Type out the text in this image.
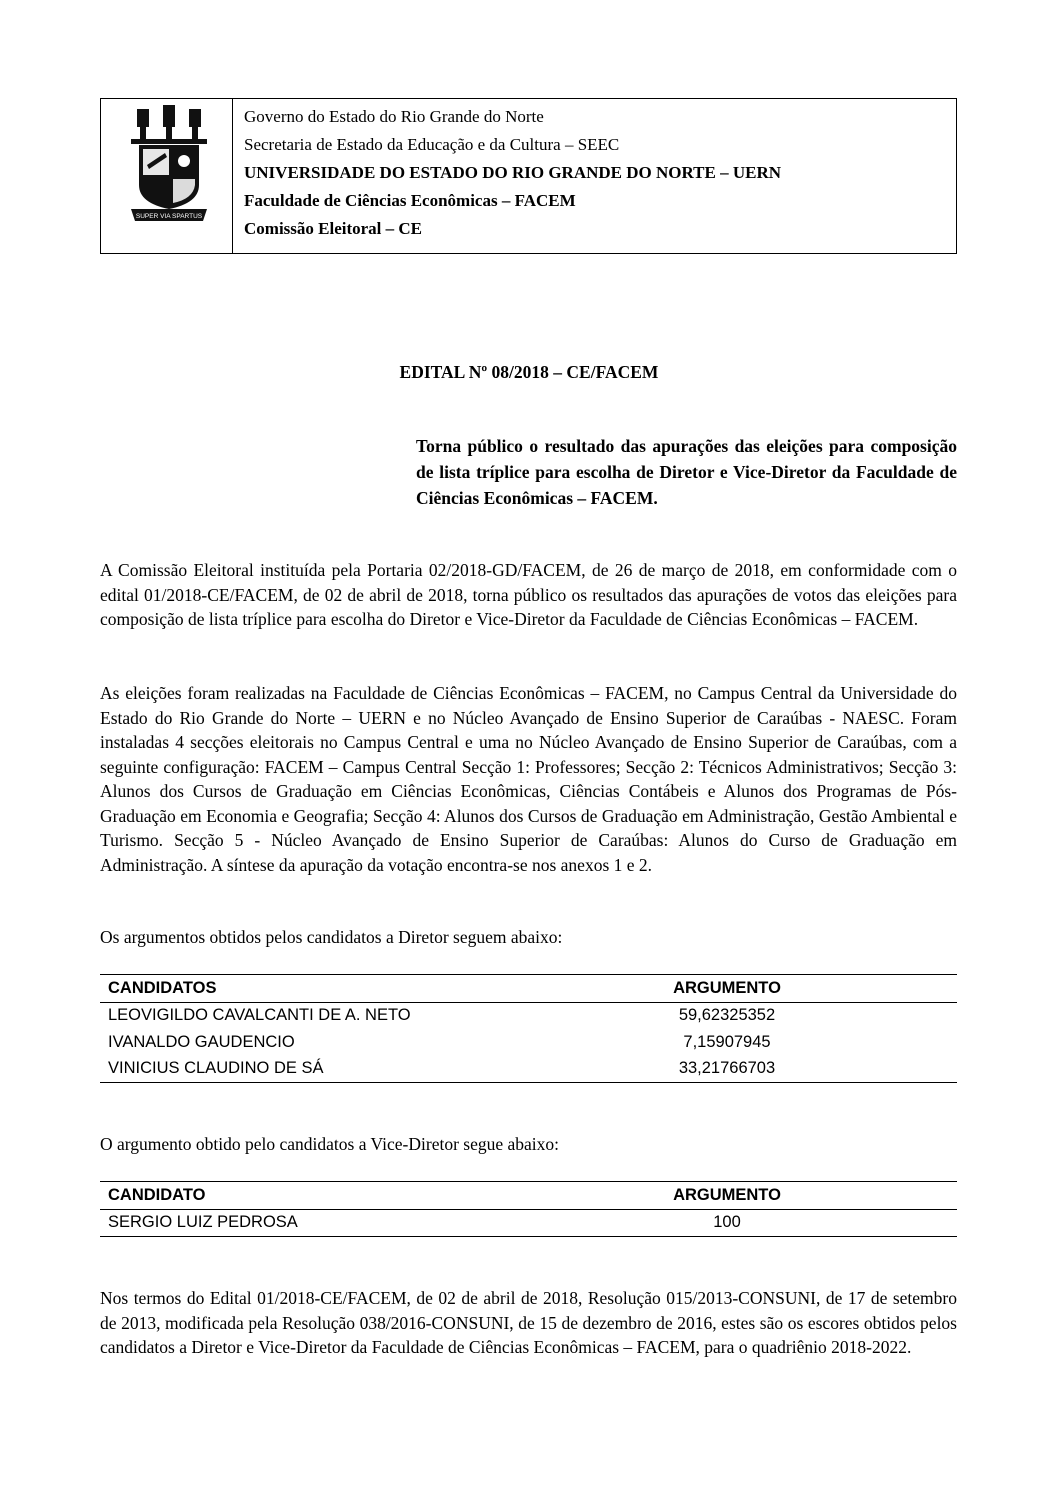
SUPER VIA SPARTUS
Governo do Estado do Rio Grande do Norte
Secretaria de Estado da Educação e da Cultura – SEEC
UNIVERSIDADE DO ESTADO DO RIO GRANDE DO NORTE – UERN
Faculdade de Ciências Econômicas – FACEM
Comissão Eleitoral – CE
EDITAL Nº 08/2018 – CE/FACEM
Torna público o resultado das apurações das eleições para composição de lista tríplice para escolha de Diretor e Vice-Diretor da Faculdade de Ciências Econômicas – FACEM.
A Comissão Eleitoral instituída pela Portaria 02/2018-GD/FACEM, de 26 de março de 2018, em conformidade com o edital 01/2018-CE/FACEM, de 02 de abril de 2018, torna público os resultados das apurações de votos das eleições para composição de lista tríplice para escolha do Diretor e Vice-Diretor da Faculdade de Ciências Econômicas – FACEM.
As eleições foram realizadas na Faculdade de Ciências Econômicas – FACEM, no Campus Central da Universidade do Estado do Rio Grande do Norte – UERN e no Núcleo Avançado de Ensino Superior de Caraúbas - NAESC. Foram instaladas 4 secções eleitorais no Campus Central e uma no Núcleo Avançado de Ensino Superior de Caraúbas, com a seguinte configuração: FACEM – Campus Central Secção 1: Professores; Secção 2: Técnicos Administrativos; Secção 3: Alunos dos Cursos de Graduação em Ciências Econômicas, Ciências Contábeis e Alunos dos Programas de Pós-Graduação em Economia e Geografia; Secção 4: Alunos dos Cursos de Graduação em Administração, Gestão Ambiental e Turismo. Secção 5 - Núcleo Avançado de Ensino Superior de Caraúbas: Alunos do Curso de Graduação em Administração. A síntese da apuração da votação encontra-se nos anexos 1 e 2.
Os argumentos obtidos pelos candidatos a Diretor seguem abaixo:
CANDIDATOS	ARGUMENTO
LEOVIGILDO CAVALCANTI DE A. NETO	59,62325352
IVANALDO GAUDENCIO	7,15907945
VINICIUS CLAUDINO DE SÁ	33,21766703
O argumento obtido pelo candidatos a Vice-Diretor segue abaixo:
CANDIDATO	ARGUMENTO
SERGIO LUIZ PEDROSA	100
Nos termos do Edital 01/2018-CE/FACEM, de 02 de abril de 2018, Resolução 015/2013-CONSUNI, de 17 de setembro de 2013, modificada pela Resolução 038/2016-CONSUNI, de 15 de dezembro de 2016, estes são os escores obtidos pelos candidatos a Diretor e Vice-Diretor da Faculdade de Ciências Econômicas – FACEM, para o quadriênio 2018-2022.
